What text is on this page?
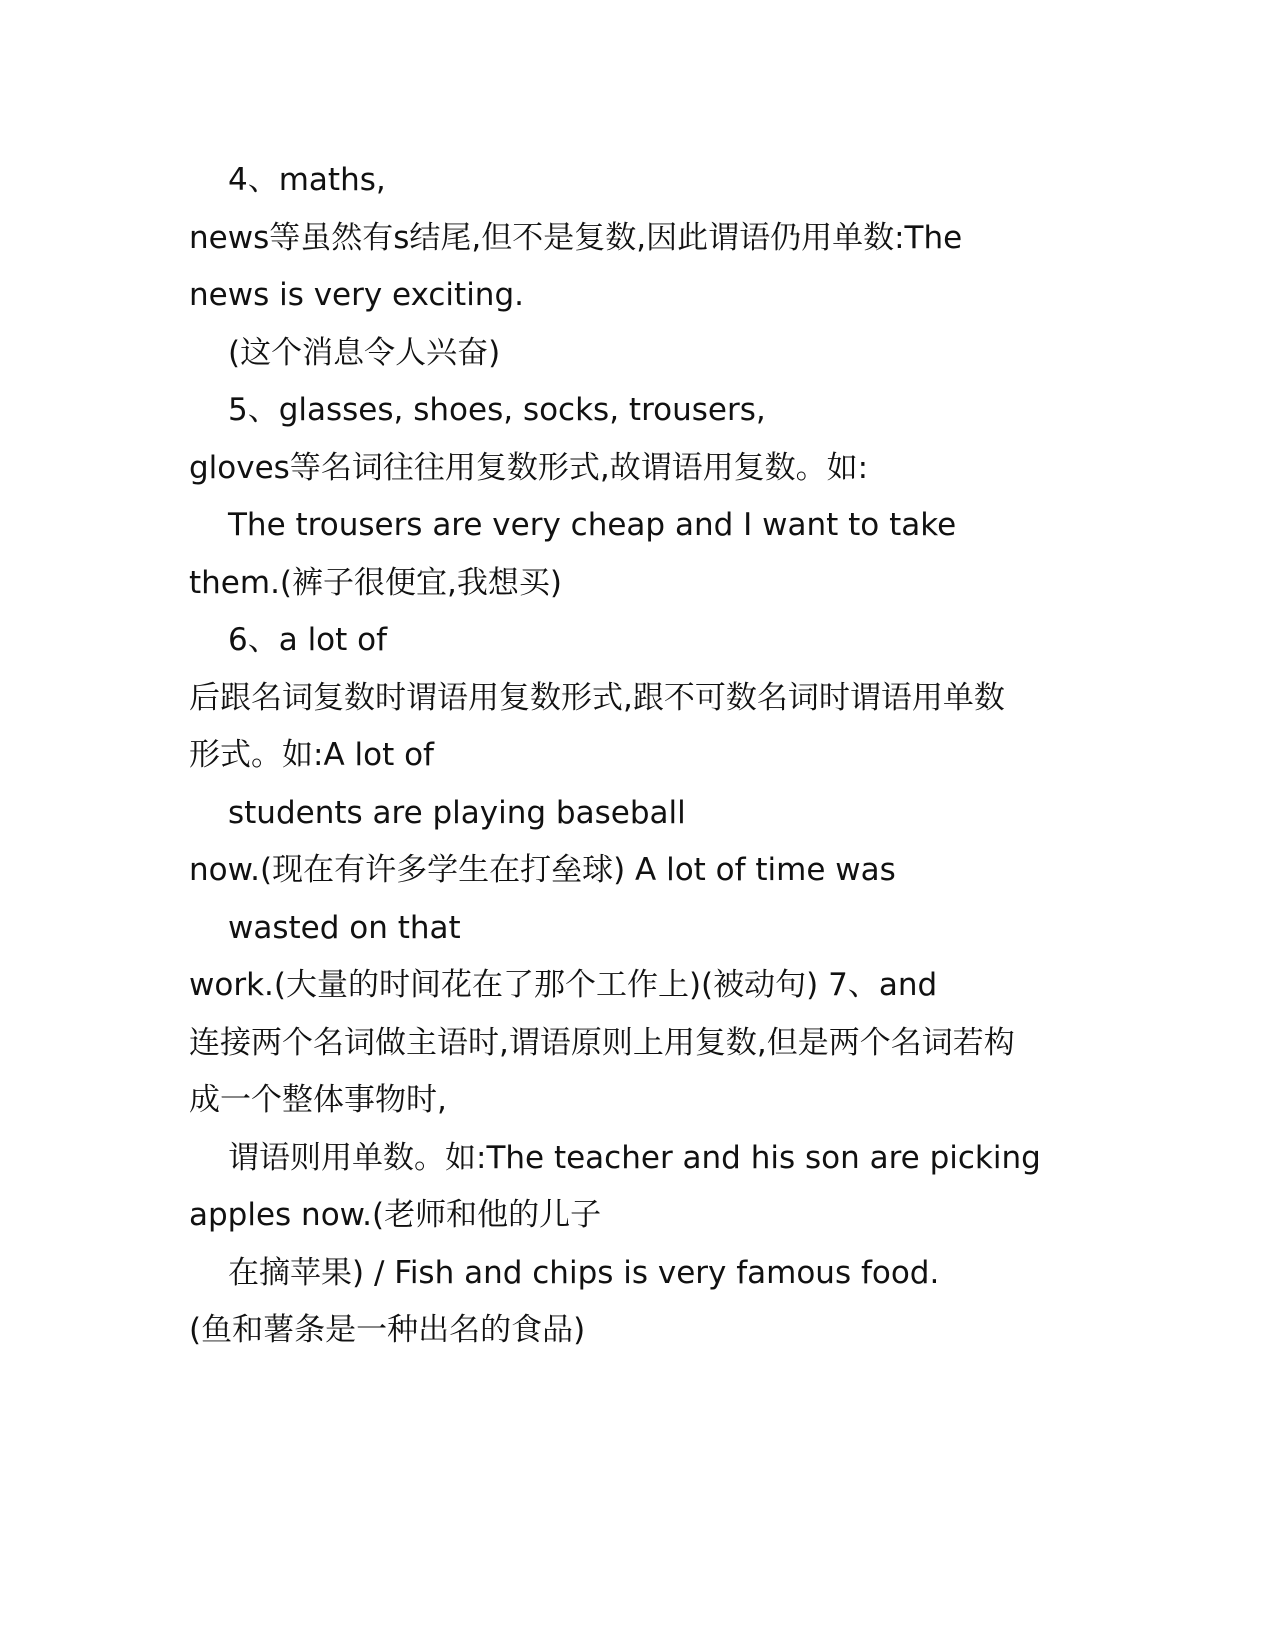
4、maths,
news等虽然有s结尾,但不是复数,因此谓语仍用单数:The
news is very exciting.
(这个消息令人兴奋)
5、glasses, shoes, socks, trousers,
gloves等名词往往用复数形式,故谓语用复数。如:
The trousers are very cheap and I want to take
them.(裤子很便宜,我想买)
6、a lot of
后跟名词复数时谓语用复数形式,跟不可数名词时谓语用单数
形式。如:A lot of
students are playing baseball
now.(现在有许多学生在打垒球) A lot of time was
wasted on that
work.(大量的时间花在了那个工作上)(被动句) 7、and
连接两个名词做主语时,谓语原则上用复数,但是两个名词若构
成一个整体事物时,
谓语则用单数。如:The teacher and his son are picking
apples now.(老师和他的儿子
在摘苹果) / Fish and chips is very famous food.
(鱼和薯条是一种出名的食品)
